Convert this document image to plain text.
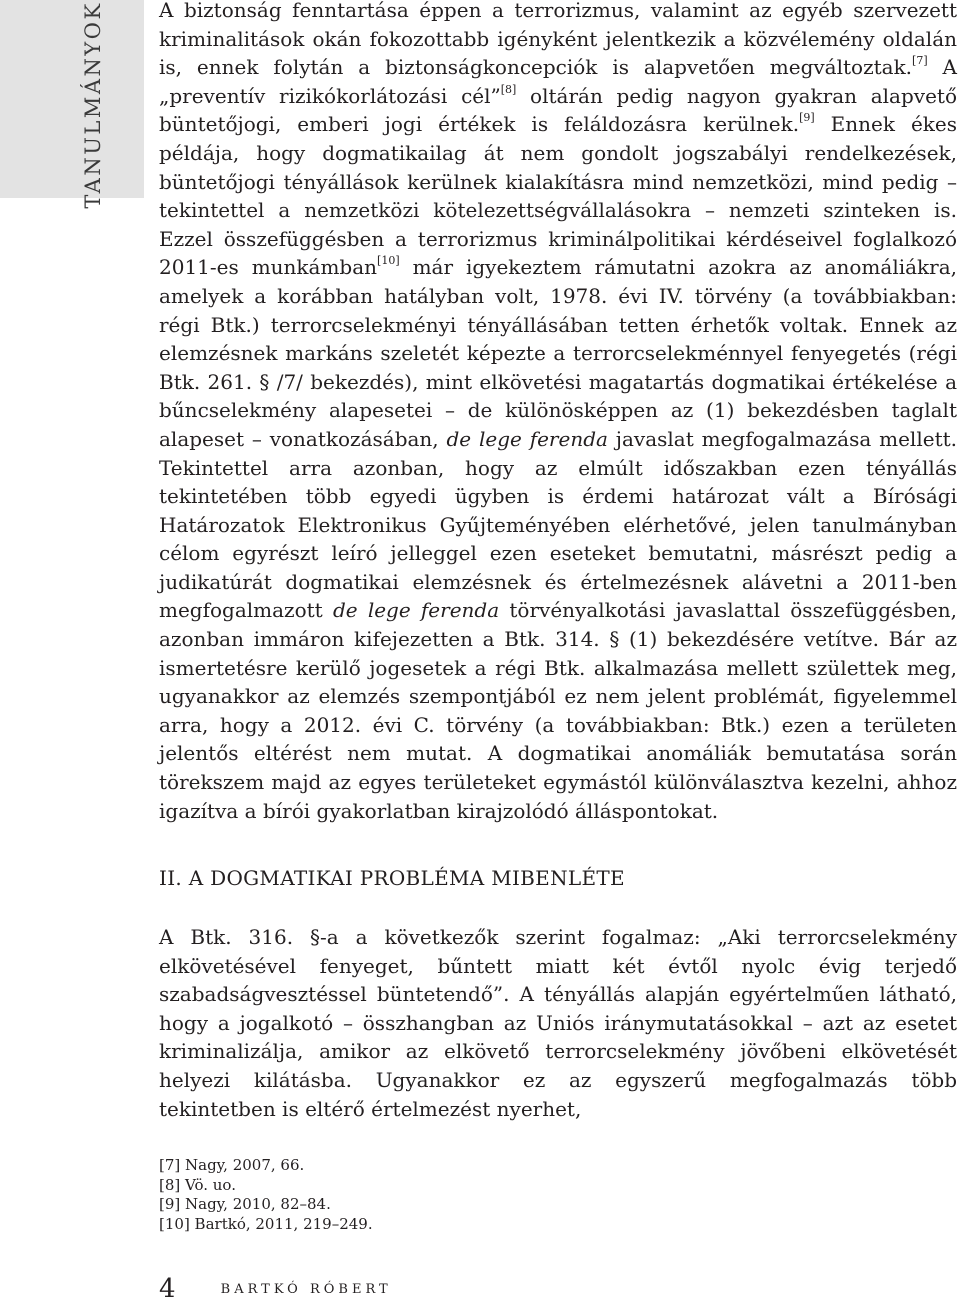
TANULMÁNYOK	A biztonság fenntartása éppen a terrorizmus, valamint az egyéb szervezett kriminalitások okán fokozottabb igényként jelentkezik a közvélemény oldalán is, ennek folytán a biztonságkoncepciók is alapvetően megváltoztak.[7] A „preventív rizikókorlátozási cél”[8] oltárán pedig nagyon gyakran alapvető büntetőjogi, emberi jogi értékek is feláldozásra kerülnek.[9] Ennek ékes példája, hogy dogmatikailag át nem gondolt jogszabályi rendelkezések, büntetőjogi tényállások kerülnek kialakításra mind nemzetközi, mind pedig – tekintettel a nemzetközi kötelezettségvállalásokra – nemzeti szinteken is. Ezzel összefüggésben a terrorizmus kriminálpolitikai kérdéseivel foglalkozó 2011-es munkámban[10] már igyekeztem rámutatni azokra az anomáliákra, amelyek a korábban hatályban volt, 1978. évi IV. törvény (a továbbiakban: régi Btk.) terrorcselekményi tényállásában tetten érhetők voltak. Ennek az elemzésnek markáns szeletét képezte a terrorcselekménnyel fenyegetés (régi Btk. 261. § /7/ bekezdés), mint elkövetési magatartás dogmatikai értékelése a bűncselekmény alapesetei – de különösképpen az (1) bekezdésben taglalt alapeset – vonatkozásában, de lege ferenda javaslat megfogalmazása mellett. Tekintettel arra azonban, hogy az elmúlt időszakban ezen tényállás tekintetében több egyedi ügyben is érdemi határozat vált a Bírósági Határozatok Elektronikus Gyűjteményében elérhetővé, jelen tanulmányban célom egyrészt leíró jelleggel ezen eseteket bemutatni, másrészt pedig a judikatúrát dogmatikai elemzésnek és értelmezésnek alávetni a 2011-ben megfogalmazott de lege ferenda törvényalkotási javaslattal összefüggésben, azonban immáron kifejezetten a Btk. 314. § (1) bekezdésére vetítve. Bár az ismertetésre kerülő jogesetek a régi Btk. alkalmazása mellett születtek meg, ugyanakkor az elemzés szempontjából ez nem jelent problémát, figyelemmel arra, hogy a 2012. évi C. törvény (a továbbiakban: Btk.) ezen a területen jelentős eltérést nem mutat. A dogmatikai anomáliák bemutatása során törekszem majd az egyes területeket egymástól különválasztva kezelni, ahhoz igazítva a bírói gyakorlatban kirajzolódó álláspontokat.

II. A DOGMATIKAI PROBLÉMA MIBENLÉTE

A Btk. 316. §-a a következők szerint fogalmaz: „Aki terrorcselekmény elkövetésével fenyeget, bűntett miatt két évtől nyolc évig terjedő szabadságvesztéssel büntetendő”. A tényállás alapján egyértelműen látható, hogy a jogalkotó – összhangban az Uniós iránymutatásokkal – azt az esetet kriminalizálja, amikor az elkövető terrorcselekmény jövőbeni elkövetését helyezi kilátásba. Ugyanakkor ez az egyszerű megfogalmazás több tekintetben is eltérő értelmezést nyerhet,

[7] Nagy, 2007, 66.
[8] Vö. uo.
[9] Nagy, 2010, 82–84.
[10] Bartkó, 2011, 219–249.
4	BARTKÓ RÓBERT
